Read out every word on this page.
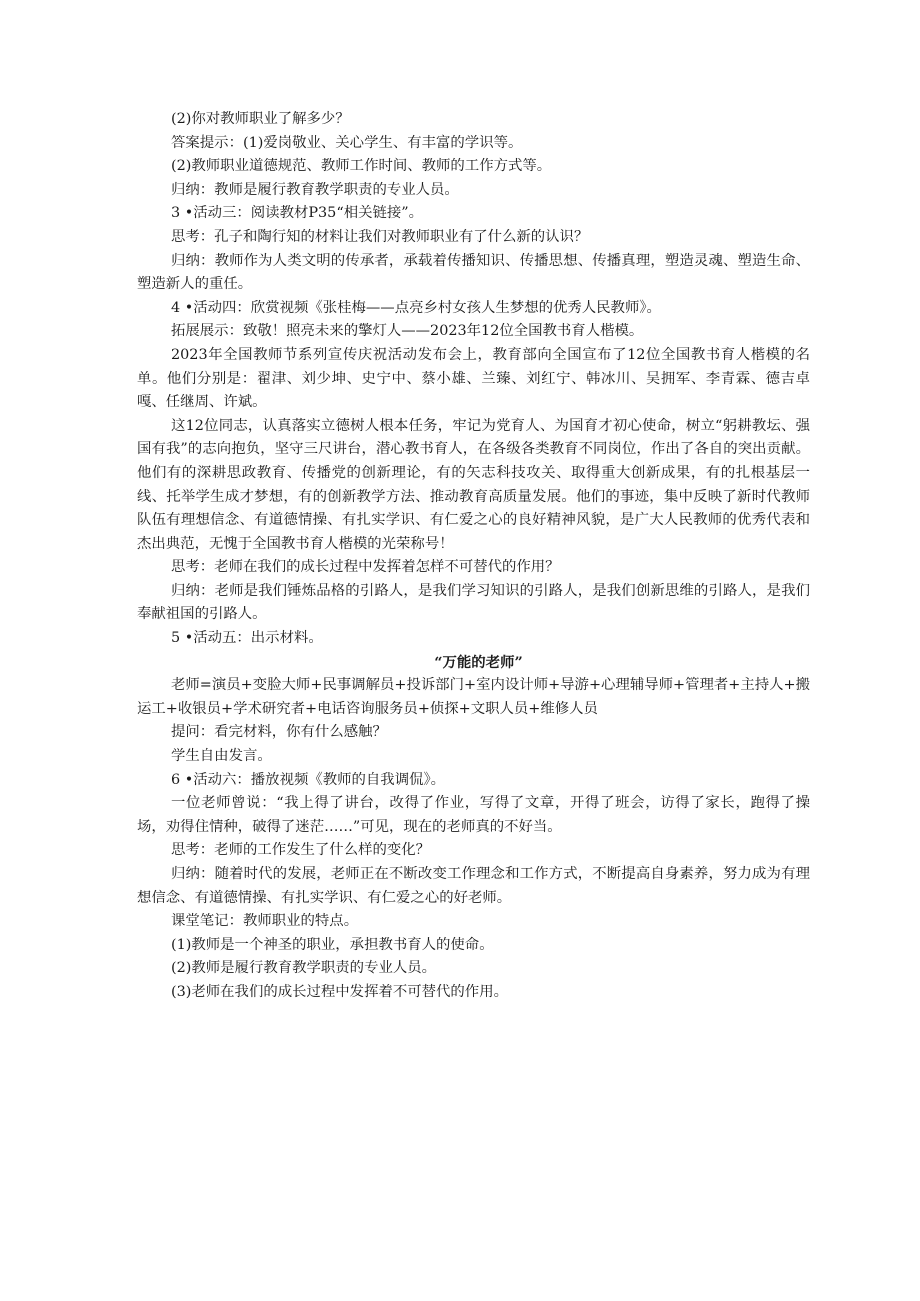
(2)你对教师职业了解多少？

答案提示：(1)爱岗敬业、关心学生、有丰富的学识等。

(2)教师职业道德规范、教师工作时间、教师的工作方式等。

归纳：教师是履行教育教学职责的专业人员。

3 •活动三：阅读教材P35“相关链接”。

思考：孔子和陶行知的材料让我们对教师职业有了什么新的认识？

归纳：教师作为人类文明的传承者，承载着传播知识、传播思想、传播真理，塑造灵魂、塑造生命、塑造新人的重任。

4 •活动四：欣赏视频《张桂梅——点亮乡村女孩人生梦想的优秀人民教师》。

拓展展示：致敬！照亮未来的擎灯人——2023年12位全国教书育人楷模。

2023年全国教师节系列宣传庆祝活动发布会上，教育部向全国宣布了12位全国教书育人楷模的名单。他们分别是：翟津、刘少坤、史宁中、蔡小雄、兰臻、刘红宁、韩冰川、吴拥军、李青霖、德吉卓嘎、任继周、许斌。

这12位同志，认真落实立德树人根本任务，牢记为党育人、为国育才初心使命，树立“躬耕教坛、强国有我”的志向抱负，坚守三尺讲台，潜心教书育人，在各级各类教育不同岗位，作出了各自的突出贡献。他们有的深耕思政教育、传播党的创新理论，有的矢志科技攻关、取得重大创新成果，有的扎根基层一线、托举学生成才梦想，有的创新教学方法、推动教育高质量发展。他们的事迹，集中反映了新时代教师队伍有理想信念、有道德情操、有扎实学识、有仁爱之心的良好精神风貌，是广大人民教师的优秀代表和杰出典范，无愧于全国教书育人楷模的光荣称号！

思考：老师在我们的成长过程中发挥着怎样不可替代的作用？

归纳：老师是我们锤炼品格的引路人，是我们学习知识的引路人，是我们创新思维的引路人，是我们奉献祖国的引路人。

5 •活动五：出示材料。

“万能的老师”

老师=演员+变脸大师+民事调解员+投诉部门+室内设计师+导游+心理辅导师+管理者+主持人+搬运工+收银员+学术研究者+电话咨询服务员+侦探+文职人员+维修人员

提问：看完材料，你有什么感触？

学生自由发言。

6 •活动六：播放视频《教师的自我调侃》。

一位老师曾说：“我上得了讲台，改得了作业，写得了文章，开得了班会，访得了家长，跑得了操场，劝得住情种，破得了迷茫……”可见，现在的老师真的不好当。

思考：老师的工作发生了什么样的变化？

归纳：随着时代的发展，老师正在不断改变工作理念和工作方式，不断提高自身素养，努力成为有理想信念、有道德情操、有扎实学识、有仁爱之心的好老师。

课堂笔记：教师职业的特点。

(1)教师是一个神圣的职业，承担教书育人的使命。

(2)教师是履行教育教学职责的专业人员。

(3)老师在我们的成长过程中发挥着不可替代的作用。
